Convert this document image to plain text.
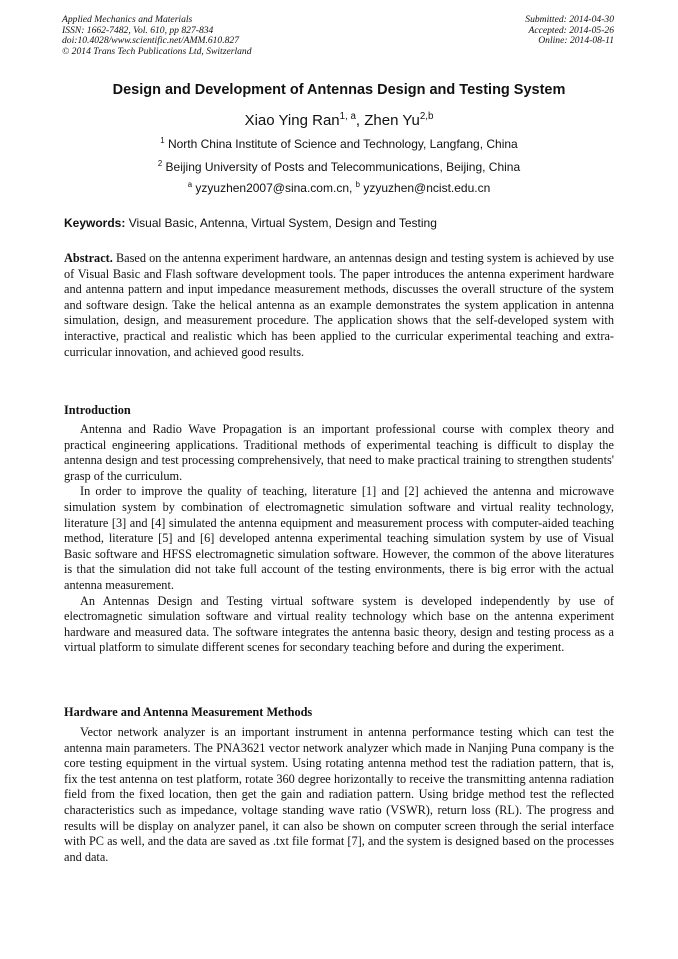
Applied Mechanics and Materials
ISSN: 1662-7482, Vol. 610, pp 827-834
doi:10.4028/www.scientific.net/AMM.610.827
© 2014 Trans Tech Publications Ltd, Switzerland
Submitted: 2014-04-30
Accepted: 2014-05-26
Online: 2014-08-11
Design and Development of Antennas Design and Testing System
Xiao Ying Ran$^{1, a}$, Zhen Yu$^{2,b}$
$^1$ North China Institute of Science and Technology, Langfang, China
$^2$ Beijing University of Posts and Telecommunications, Beijing, China
$^a$ yzyuzhen2007@sina.com.cn, $^b$ yzyuzhen@ncist.edu.cn
Keywords: Visual Basic, Antenna, Virtual System, Design and Testing
Abstract. Based on the antenna experiment hardware, an antennas design and testing system is achieved by use of Visual Basic and Flash software development tools. The paper introduces the antenna experiment hardware and antenna pattern and input impedance measurement methods, discusses the overall structure of the system and software design. Take the helical antenna as an example demonstrates the system application in antenna simulation, design, and measurement procedure. The application shows that the self-developed system with interactive, practical and realistic which has been applied to the curricular experimental teaching and extra-curricular innovation, and achieved good results.
Introduction

Antenna and Radio Wave Propagation is an important professional course with complex theory and practical engineering applications. Traditional methods of experimental teaching is difficult to display the antenna design and test processing comprehensively, that need to make practical training to strengthen students' grasp of the curriculum.

In order to improve the quality of teaching, literature [1] and [2] achieved the antenna and microwave simulation system by combination of electromagnetic simulation software and virtual reality technology, literature [3] and [4] simulated the antenna equipment and measurement process with computer-aided teaching method, literature [5] and [6] developed antenna experimental teaching simulation system by use of Visual Basic software and HFSS electromagnetic simulation software. However, the common of the above literatures is that the simulation did not take full account of the testing environments, there is big error with the actual antenna measurement.

An Antennas Design and Testing virtual software system is developed independently by use of electromagnetic simulation software and virtual reality technology which base on the antenna experiment hardware and measured data. The software integrates the antenna basic theory, design and testing process as a virtual platform to simulate different scenes for secondary teaching before and during the experiment.

Hardware and Antenna Measurement Methods

Vector network analyzer is an important instrument in antenna performance testing which can test the antenna main parameters. The PNA3621 vector network analyzer which made in Nanjing Puna company is the core testing equipment in the virtual system. Using rotating antenna method test the radiation pattern, that is, fix the test antenna on test platform, rotate 360 degree horizontally to receive the transmitting antenna radiation field from the fixed location, then get the gain and radiation pattern. Using bridge method test the reflected characteristics such as impedance, voltage standing wave ratio (VSWR), return loss (RL). The progress and results will be display on analyzer panel, it can also be shown on computer screen through the serial interface with PC as well, and the data are saved as .txt file format [7], and the system is designed based on the processes and data.
